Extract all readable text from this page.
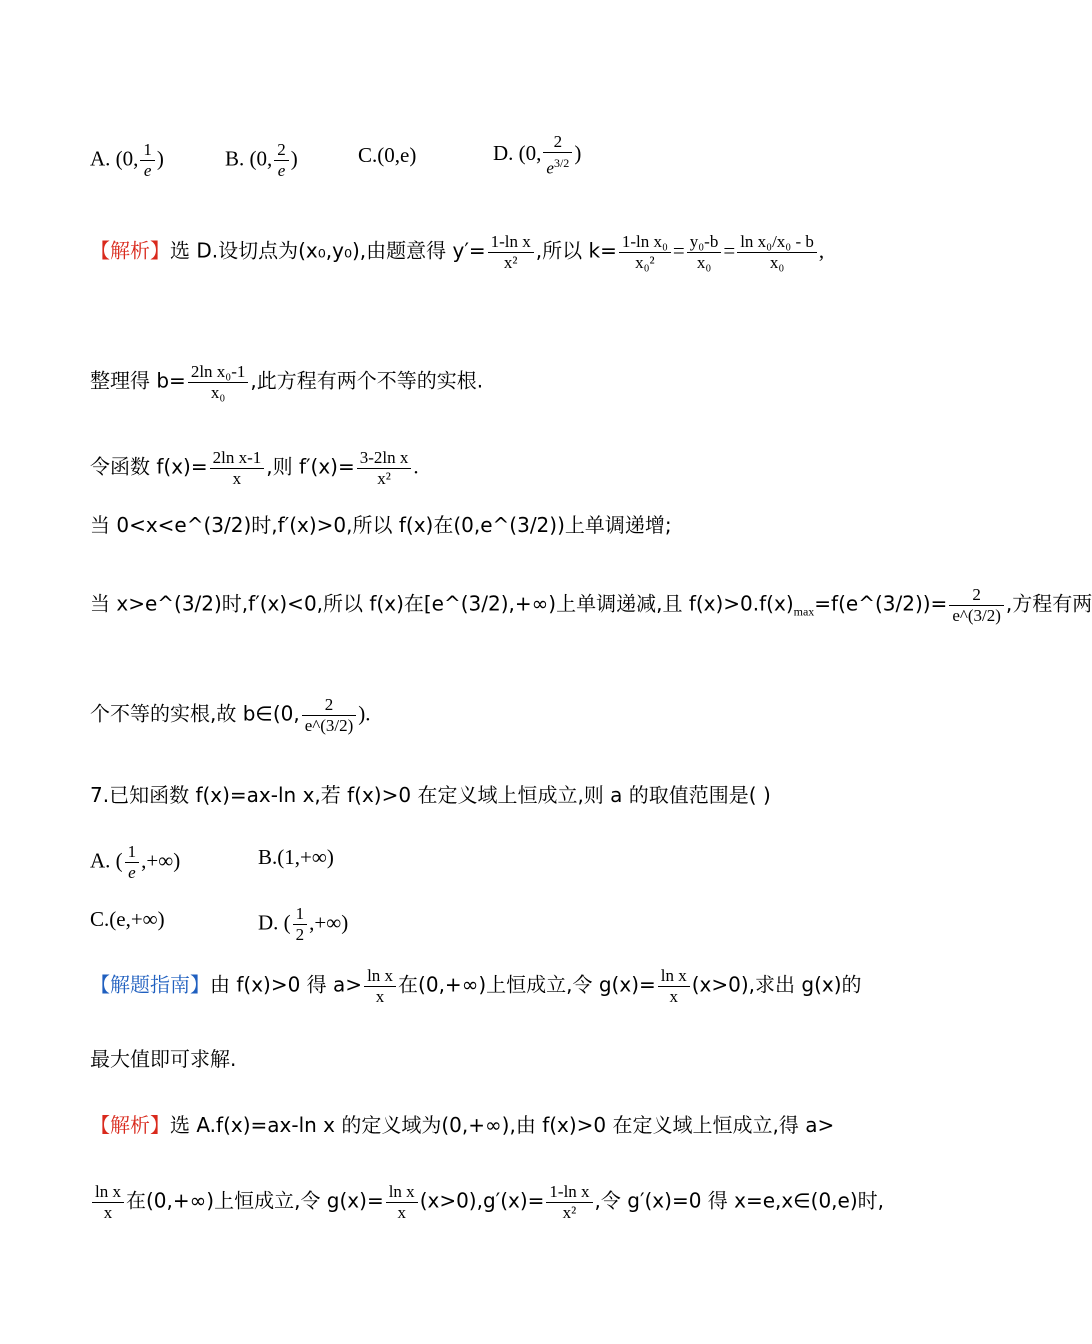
A. (0, $\frac{1}{e}$ )	B. (0, $\frac{2}{e}$ )	C.(0,e)	D. (0, $\frac{2}{e^{3/2}}$ )
【解析】选 D.设切点为(x₀,y₀),由题意得 $y'= \frac{\text{1-ln x}}{\text{x²}}$ ,所以 $k= \frac{\text{1-ln x₀}}{\text{x₀²}} = \frac{\text{y₀-b}}{\text{x₀}} = \frac{\text{ln x₀/x₀ - b}}{\text{x₀}}$ ,
整理得 $b= \frac{\text{2ln x₀-1}}{\text{x₀}}$ ,此方程有两个不等的实根.
令函数 $f(x)= \frac{\text{2ln x-1}}{x}$ ,则 $f'(x)= \frac{\text{3-2ln x}}{\text{x²}}$ .
当 0<x<e^(3/2)时,f′(x)>0,所以 f(x)在(0,e^(3/2))上单调递增;
当 x>e^(3/2)时,f′(x)<0,所以 f(x)在[e^(3/2),+∞)上单调递减,且 $f(x)>0.f(x)_{max}=f(e\^{}(3/2))= \frac{2}{e\^{}(3/2)}$ ,方程有两
个不等的实根,故 b∈(0, $\frac{2}{e\^{}(3/2)}$ ).
7.已知函数 f(x)=ax-ln x,若 f(x)>0 在定义域上恒成立,则 a 的取值范围是( )
A. ( $\frac{1}{e}$ ,+∞)	B.(1,+∞)
C.(e,+∞)	D. ( $\frac{1}{2}$ ,+∞)
【解题指南】由 f(x)>0 得 $a> \frac{\text{ln x}}{x}$ 在(0,+∞)上恒成立,令 $g(x)= \frac{\text{ln x}}{x} (x>0)$,求出 g(x)的
最大值即可求解.
【解析】选 A.f(x)=ax-ln x 的定义域为(0,+∞),由 f(x)>0 在定义域上恒成立,得 a>
$\frac{\text{ln x}}{x}$ 在(0,+∞)上恒成立,令 $g(x)= \frac{\text{ln x}}{x} (x>0),g'(x)= \frac{\text{1-ln x}}{\text{x²}}$ ,令 g′(x)=0 得 x=e,x∈(0,e)时,
